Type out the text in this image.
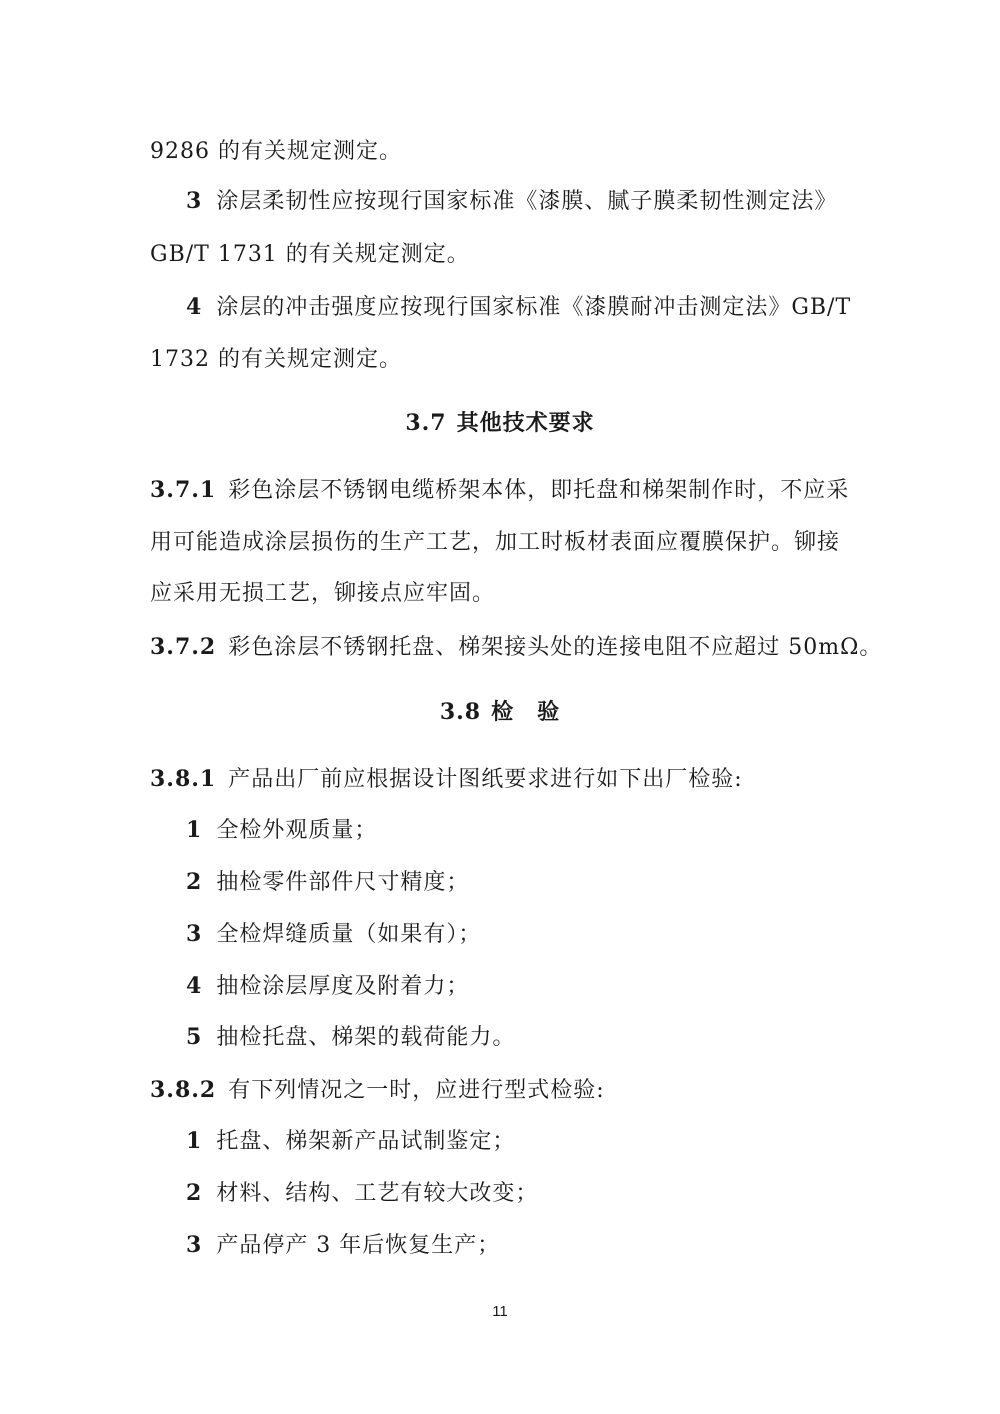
9286 的有关规定测定。
3 涂层柔韧性应按现行国家标准《漆膜、腻子膜柔韧性测定法》
GB/T 1731 的有关规定测定。
4 涂层的冲击强度应按现行国家标准《漆膜耐冲击测定法》GB/T
1732 的有关规定测定。
3.7 其他技术要求
3.7.1 彩色涂层不锈钢电缆桥架本体，即托盘和梯架制作时，不应采
用可能造成涂层损伤的生产工艺，加工时板材表面应覆膜保护。铆接
应采用无损工艺，铆接点应牢固。
3.7.2 彩色涂层不锈钢托盘、梯架接头处的连接电阻不应超过 50mΩ。
3.8 检　验
3.8.1 产品出厂前应根据设计图纸要求进行如下出厂检验:
1 全检外观质量；
2 抽检零件部件尺寸精度；
3 全检焊缝质量（如果有）；
4 抽检涂层厚度及附着力；
5 抽检托盘、梯架的载荷能力。
3.8.2 有下列情况之一时，应进行型式检验:
1 托盘、梯架新产品试制鉴定；
2 材料、结构、工艺有较大改变；
3 产品停产 3 年后恢复生产；
11
